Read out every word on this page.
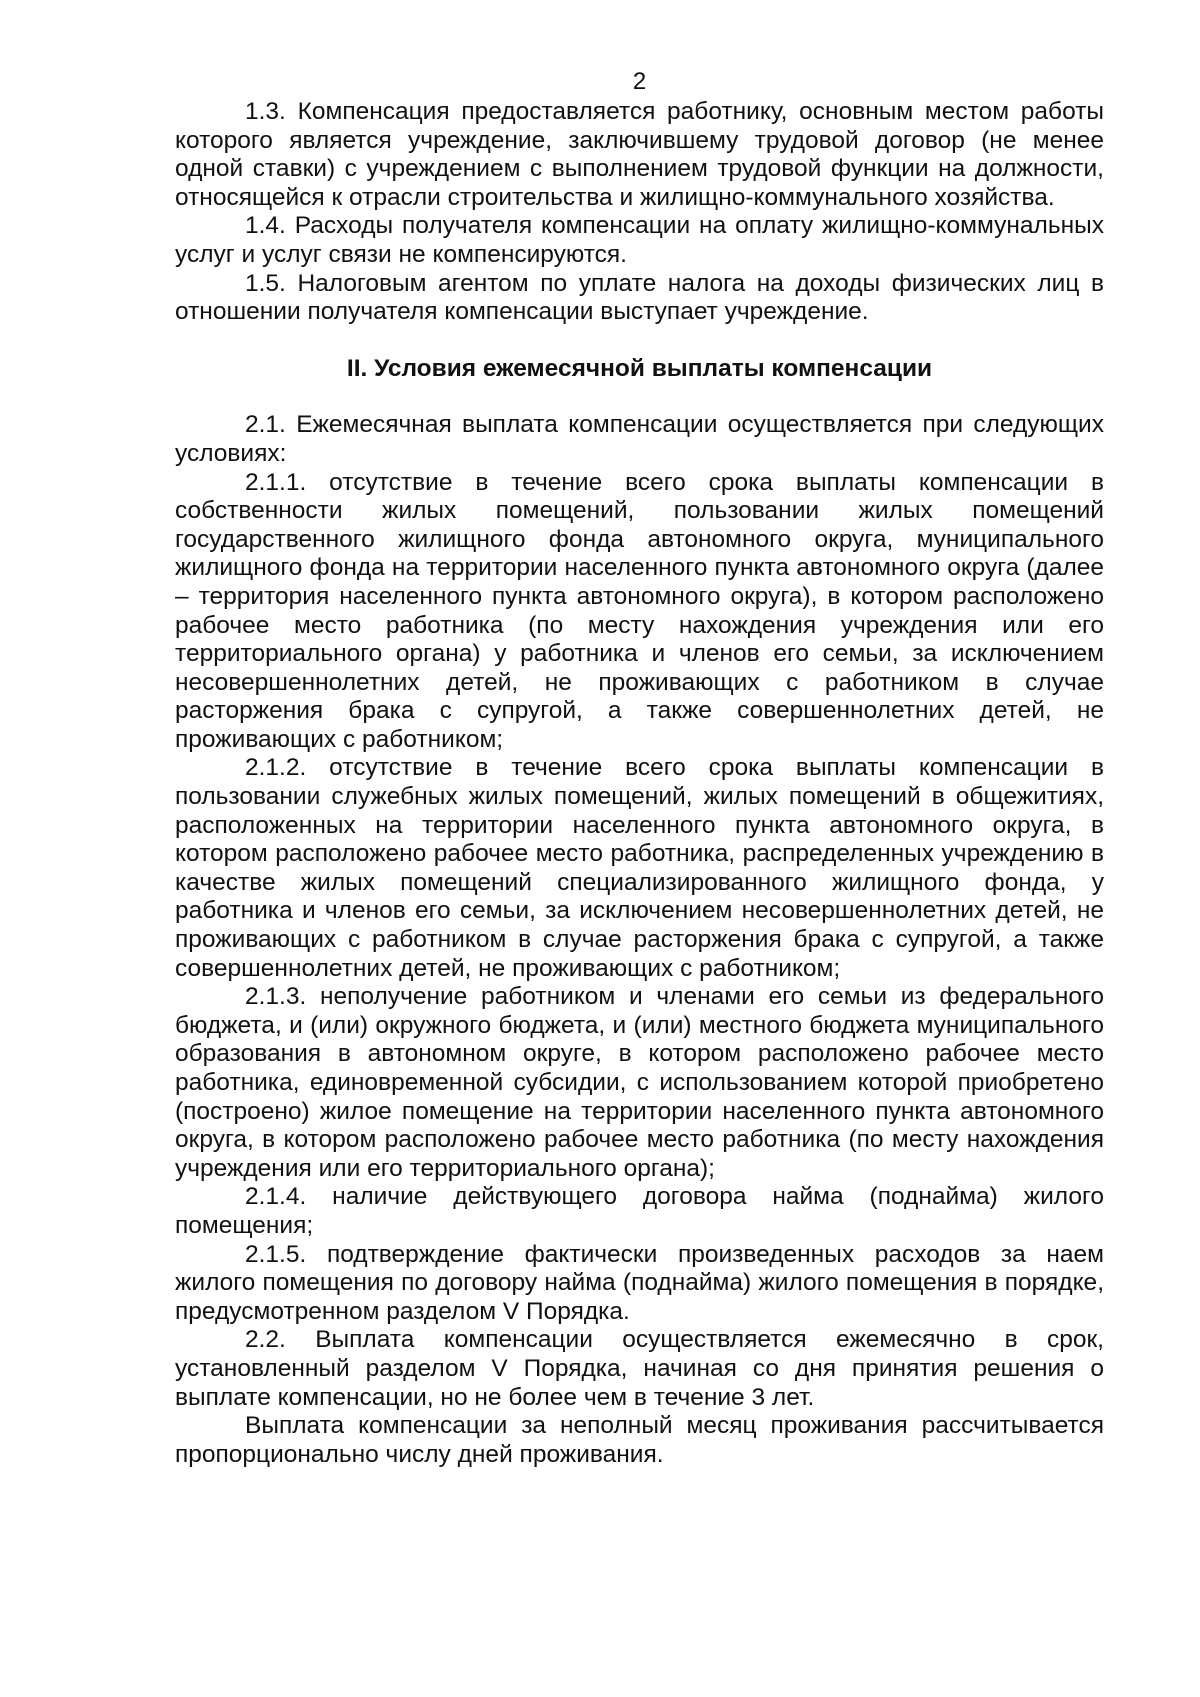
2

1.3. Компенсация предоставляется работнику, основным местом работы которого является учреждение, заключившему трудовой договор (не менее одной ставки) с учреждением с выполнением трудовой функции на должности, относящейся к отрасли строительства и жилищно-коммунального хозяйства.

1.4. Расходы получателя компенсации на оплату жилищно-коммунальных услуг и услуг связи не компенсируются.

1.5. Налоговым агентом по уплате налога на доходы физических лиц в отношении получателя компенсации выступает учреждение.

II. Условия ежемесячной выплаты компенсации

2.1. Ежемесячная выплата компенсации осуществляется при следующих условиях:

2.1.1. отсутствие в течение всего срока выплаты компенсации в собственности жилых помещений, пользовании жилых помещений государственного жилищного фонда автономного округа, муниципального жилищного фонда на территории населенного пункта автономного округа (далее – территория населенного пункта автономного округа), в котором расположено рабочее место работника (по месту нахождения учреждения или его территориального органа) у работника и членов его семьи, за исключением несовершеннолетних детей, не проживающих с работником в случае расторжения брака с супругой, а также совершеннолетних детей, не проживающих с работником;

2.1.2. отсутствие в течение всего срока выплаты компенсации в пользовании служебных жилых помещений, жилых помещений в общежитиях, расположенных на территории населенного пункта автономного округа, в котором расположено рабочее место работника, распределенных учреждению в качестве жилых помещений специализированного жилищного фонда, у работника и членов его семьи, за исключением несовершеннолетних детей, не проживающих с работником в случае расторжения брака с супругой, а также совершеннолетних детей, не проживающих с работником;

2.1.3. неполучение работником и членами его семьи из федерального бюджета, и (или) окружного бюджета, и (или) местного бюджета муниципального образования в автономном округе, в котором расположено рабочее место работника, единовременной субсидии, с использованием которой приобретено (построено) жилое помещение на территории населенного пункта автономного округа, в котором расположено рабочее место работника (по месту нахождения учреждения или его территориального органа);

2.1.4. наличие действующего договора найма (поднайма) жилого помещения;

2.1.5. подтверждение фактически произведенных расходов за наем жилого помещения по договору найма (поднайма) жилого помещения в порядке, предусмотренном разделом V Порядка.

2.2. Выплата компенсации осуществляется ежемесячно в срок, установленный разделом V Порядка, начиная со дня принятия решения о выплате компенсации, но не более чем в течение 3 лет.

Выплата компенсации за неполный месяц проживания рассчитывается пропорционально числу дней проживания.
